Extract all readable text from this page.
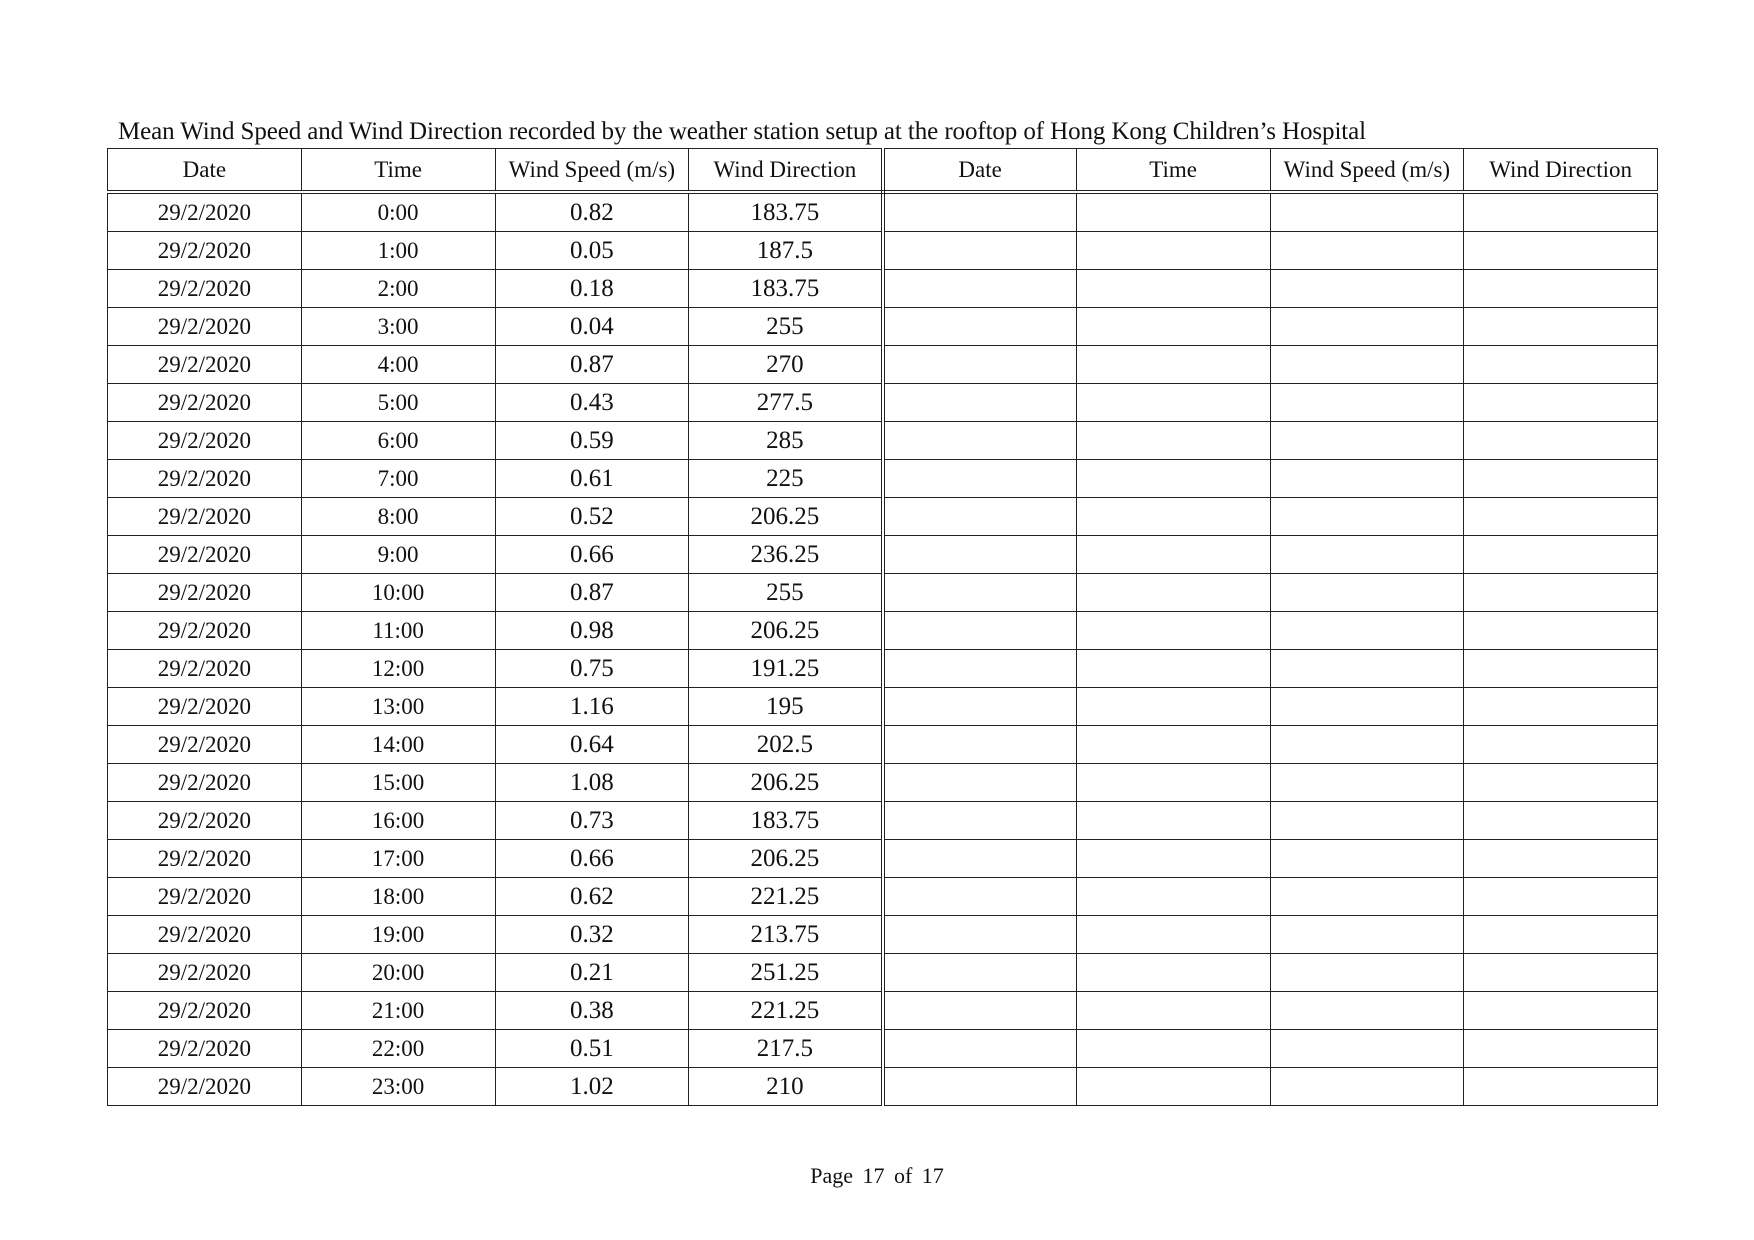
Mean Wind Speed and Wind Direction recorded by the weather station setup at the rooftop of Hong Kong Children’s Hospital
Date	Time	Wind Speed (m/s)	Wind Direction	Date	Time	Wind Speed (m/s)	Wind Direction
29/2/2020	0:00	0.82	183.75				
29/2/2020	1:00	0.05	187.5				
29/2/2020	2:00	0.18	183.75				
29/2/2020	3:00	0.04	255				
29/2/2020	4:00	0.87	270				
29/2/2020	5:00	0.43	277.5				
29/2/2020	6:00	0.59	285				
29/2/2020	7:00	0.61	225				
29/2/2020	8:00	0.52	206.25				
29/2/2020	9:00	0.66	236.25				
29/2/2020	10:00	0.87	255				
29/2/2020	11:00	0.98	206.25				
29/2/2020	12:00	0.75	191.25				
29/2/2020	13:00	1.16	195				
29/2/2020	14:00	0.64	202.5				
29/2/2020	15:00	1.08	206.25				
29/2/2020	16:00	0.73	183.75				
29/2/2020	17:00	0.66	206.25				
29/2/2020	18:00	0.62	221.25				
29/2/2020	19:00	0.32	213.75				
29/2/2020	20:00	0.21	251.25				
29/2/2020	21:00	0.38	221.25				
29/2/2020	22:00	0.51	217.5				
29/2/2020	23:00	1.02	210				
Page 17 of 17
